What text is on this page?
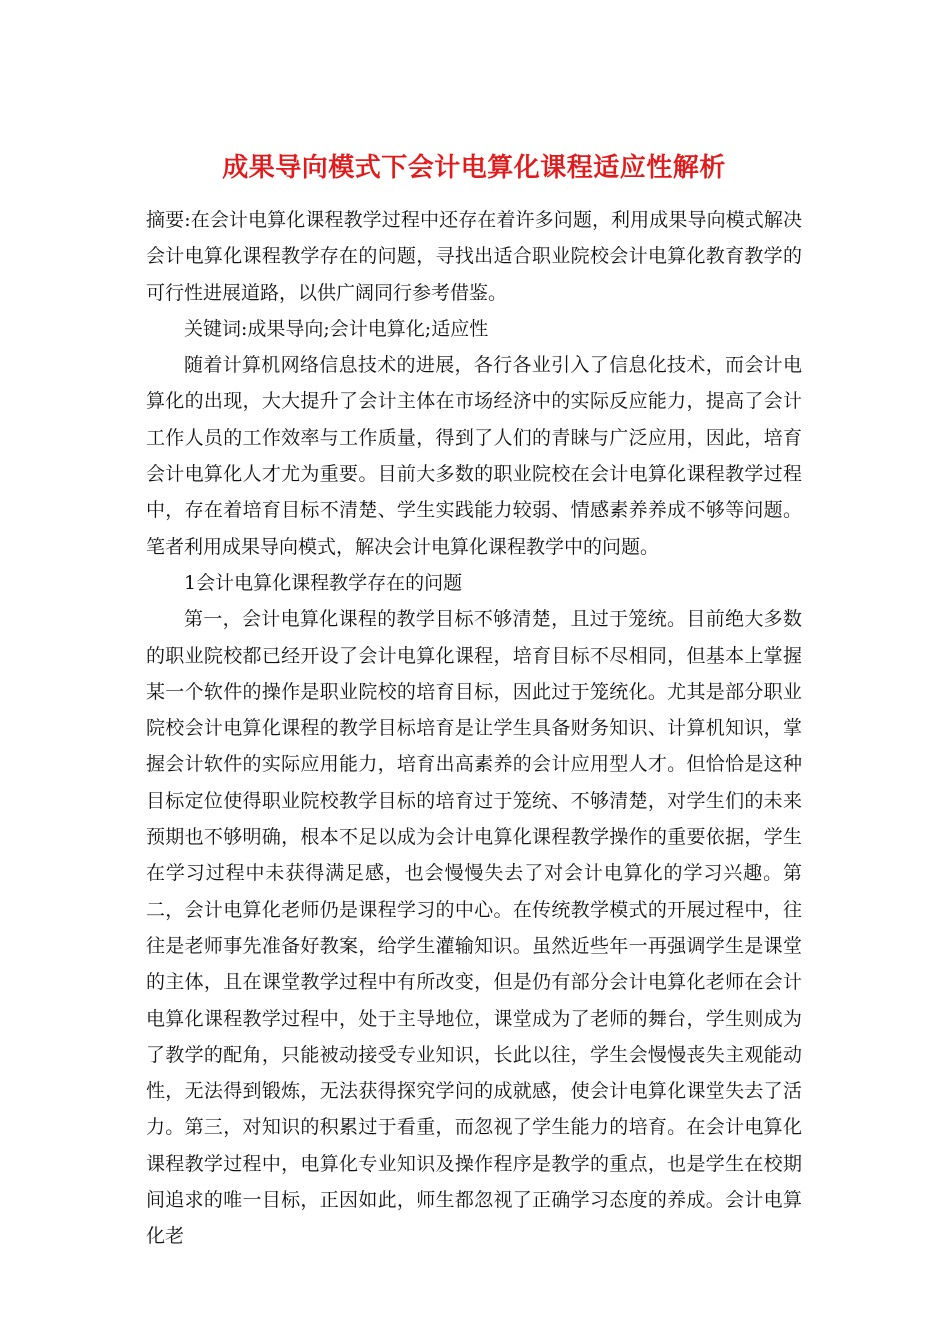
成果导向模式下会计电算化课程适应性解析

摘要:在会计电算化课程教学过程中还存在着许多问题，利用成果导向模式解决会计电算化课程教学存在的问题，寻找出适合职业院校会计电算化教育教学的可行性进展道路，以供广阔同行参考借鉴。

关键词:成果导向;会计电算化;适应性

随着计算机网络信息技术的进展，各行各业引入了信息化技术，而会计电算化的出现，大大提升了会计主体在市场经济中的实际反应能力，提高了会计工作人员的工作效率与工作质量，得到了人们的青睐与广泛应用，因此，培育会计电算化人才尤为重要。目前大多数的职业院校在会计电算化课程教学过程中，存在着培育目标不清楚、学生实践能力较弱、情感素养养成不够等问题。笔者利用成果导向模式，解决会计电算化课程教学中的问题。

1会计电算化课程教学存在的问题

第一，会计电算化课程的教学目标不够清楚，且过于笼统。目前绝大多数的职业院校都已经开设了会计电算化课程，培育目标不尽相同，但基本上掌握某一个软件的操作是职业院校的培育目标，因此过于笼统化。尤其是部分职业院校会计电算化课程的教学目标培育是让学生具备财务知识、计算机知识，掌握会计软件的实际应用能力，培育出高素养的会计应用型人才。但恰恰是这种目标定位使得职业院校教学目标的培育过于笼统、不够清楚，对学生们的未来预期也不够明确，根本不足以成为会计电算化课程教学操作的重要依据，学生在学习过程中未获得满足感，也会慢慢失去了对会计电算化的学习兴趣。第二，会计电算化老师仍是课程学习的中心。在传统教学模式的开展过程中，往往是老师事先准备好教案，给学生灌输知识。虽然近些年一再强调学生是课堂的主体，且在课堂教学过程中有所改变，但是仍有部分会计电算化老师在会计电算化课程教学过程中，处于主导地位，课堂成为了老师的舞台，学生则成为了教学的配角，只能被动接受专业知识，长此以往，学生会慢慢丧失主观能动性，无法得到锻炼，无法获得探究学问的成就感，使会计电算化课堂失去了活力。第三，对知识的积累过于看重，而忽视了学生能力的培育。在会计电算化课程教学过程中，电算化专业知识及操作程序是教学的重点，也是学生在校期间追求的唯一目标，正因如此，师生都忽视了正确学习态度的养成。会计电算化老
